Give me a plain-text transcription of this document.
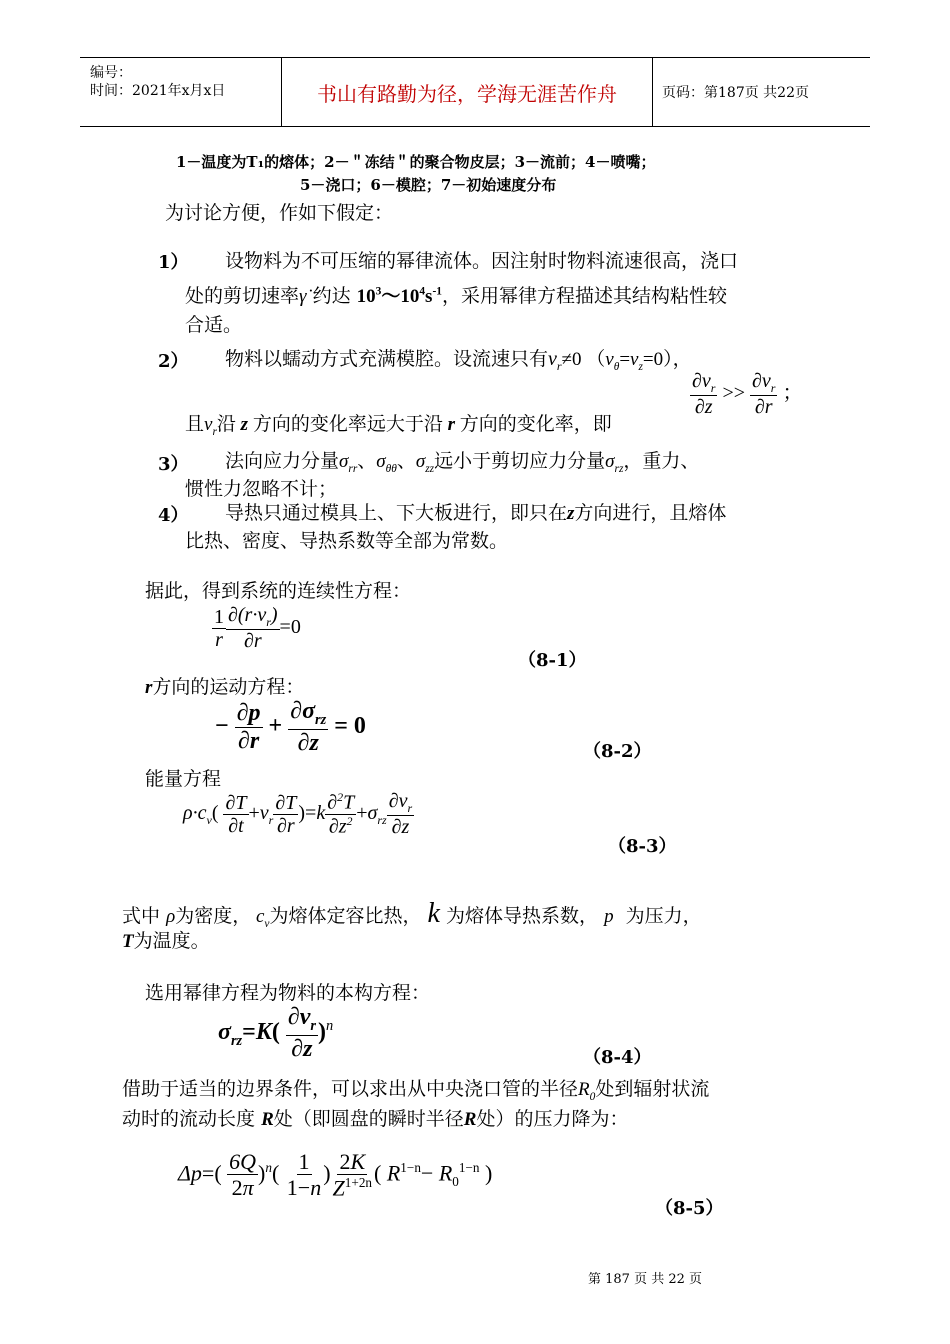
编号：
时间：2021年x月x日	书山有路勤为径，学海无涯苦作舟	页码：第187页 共22页
1－温度为T₁的熔体；2－＂冻结＂的聚合物皮层；3－流前；4－喷嘴；
5－浇口；6－模腔；7－初始速度分布
为讨论方便，作如下假定：
1） 设物料为不可压缩的幂律流体。因注射时物料流速很高，浇口
处的剪切速率γ̇ 约达 $10^3\sim 10^4s^{-1}$，采用幂律方程描述其结构粘性较
合适。
2） 物料以蠕动方式充满模腔。设流速只有$v_r\ne 0$ $(v_\theta=v_z=0)$，
$\frac{\partial v_r}{\partial z} >> \frac{\partial v_r}{\partial r}$ ；
且$v_r$沿 z 方向的变化率远大于沿 r 方向的变化率，即
3） 法向应力分量$\sigma_{rr}$、$\sigma_{\theta\theta}$、$\sigma_{zz}$远小于剪切应力分量$\sigma_{rz}$，重力、
惯性力忽略不计；
4） 导热只通过模具上、下大板进行，即只在z方向进行，且熔体
比热、密度、导热系数等全部为常数。
据此，得到系统的连续性方程：
$\frac{1}{r} \frac{\partial(r\cdot v_r)}{\partial r} =0$
（8-1）
r方向的运动方程：
− $\frac{\partial p}{\partial r} + \frac{\partial\sigma_{rz}}{\partial z} = 0$
（8-2）
能量方程
$\rho\cdot c_v( \frac{\partial T}{\partial t} +v_r \frac{\partial T}{\partial r} )=k \frac{\partial^2T}{\partial z^2} +\sigma_{rz} \frac{\partial v_r}{\partial z}$
（8-3）
式中 ρ为密度， $c_v$为熔体定容比热， k 为熔体导热系数， p 为压力，
T为温度。
选用幂律方程为物料的本构方程：
$\sigma_{rz}=K( \frac{\partial v_r}{\partial z} )^n$
（8-4）
借助于适当的边界条件，可以求出从中央浇口管的半径$R_0$处到辐射状流
动时的流动长度 R处（即圆盘的瞬时半径R处）的压力降为：
$\Delta p=( \frac{6Q}{2\pi} )^n( \frac{1}{1-n}$ ) $\frac{2K}{Z^{1+2n}}$ ( $R^{1-n}- R_0^{1-n}$ )
（8-5）
第 187 页 共 22 页
